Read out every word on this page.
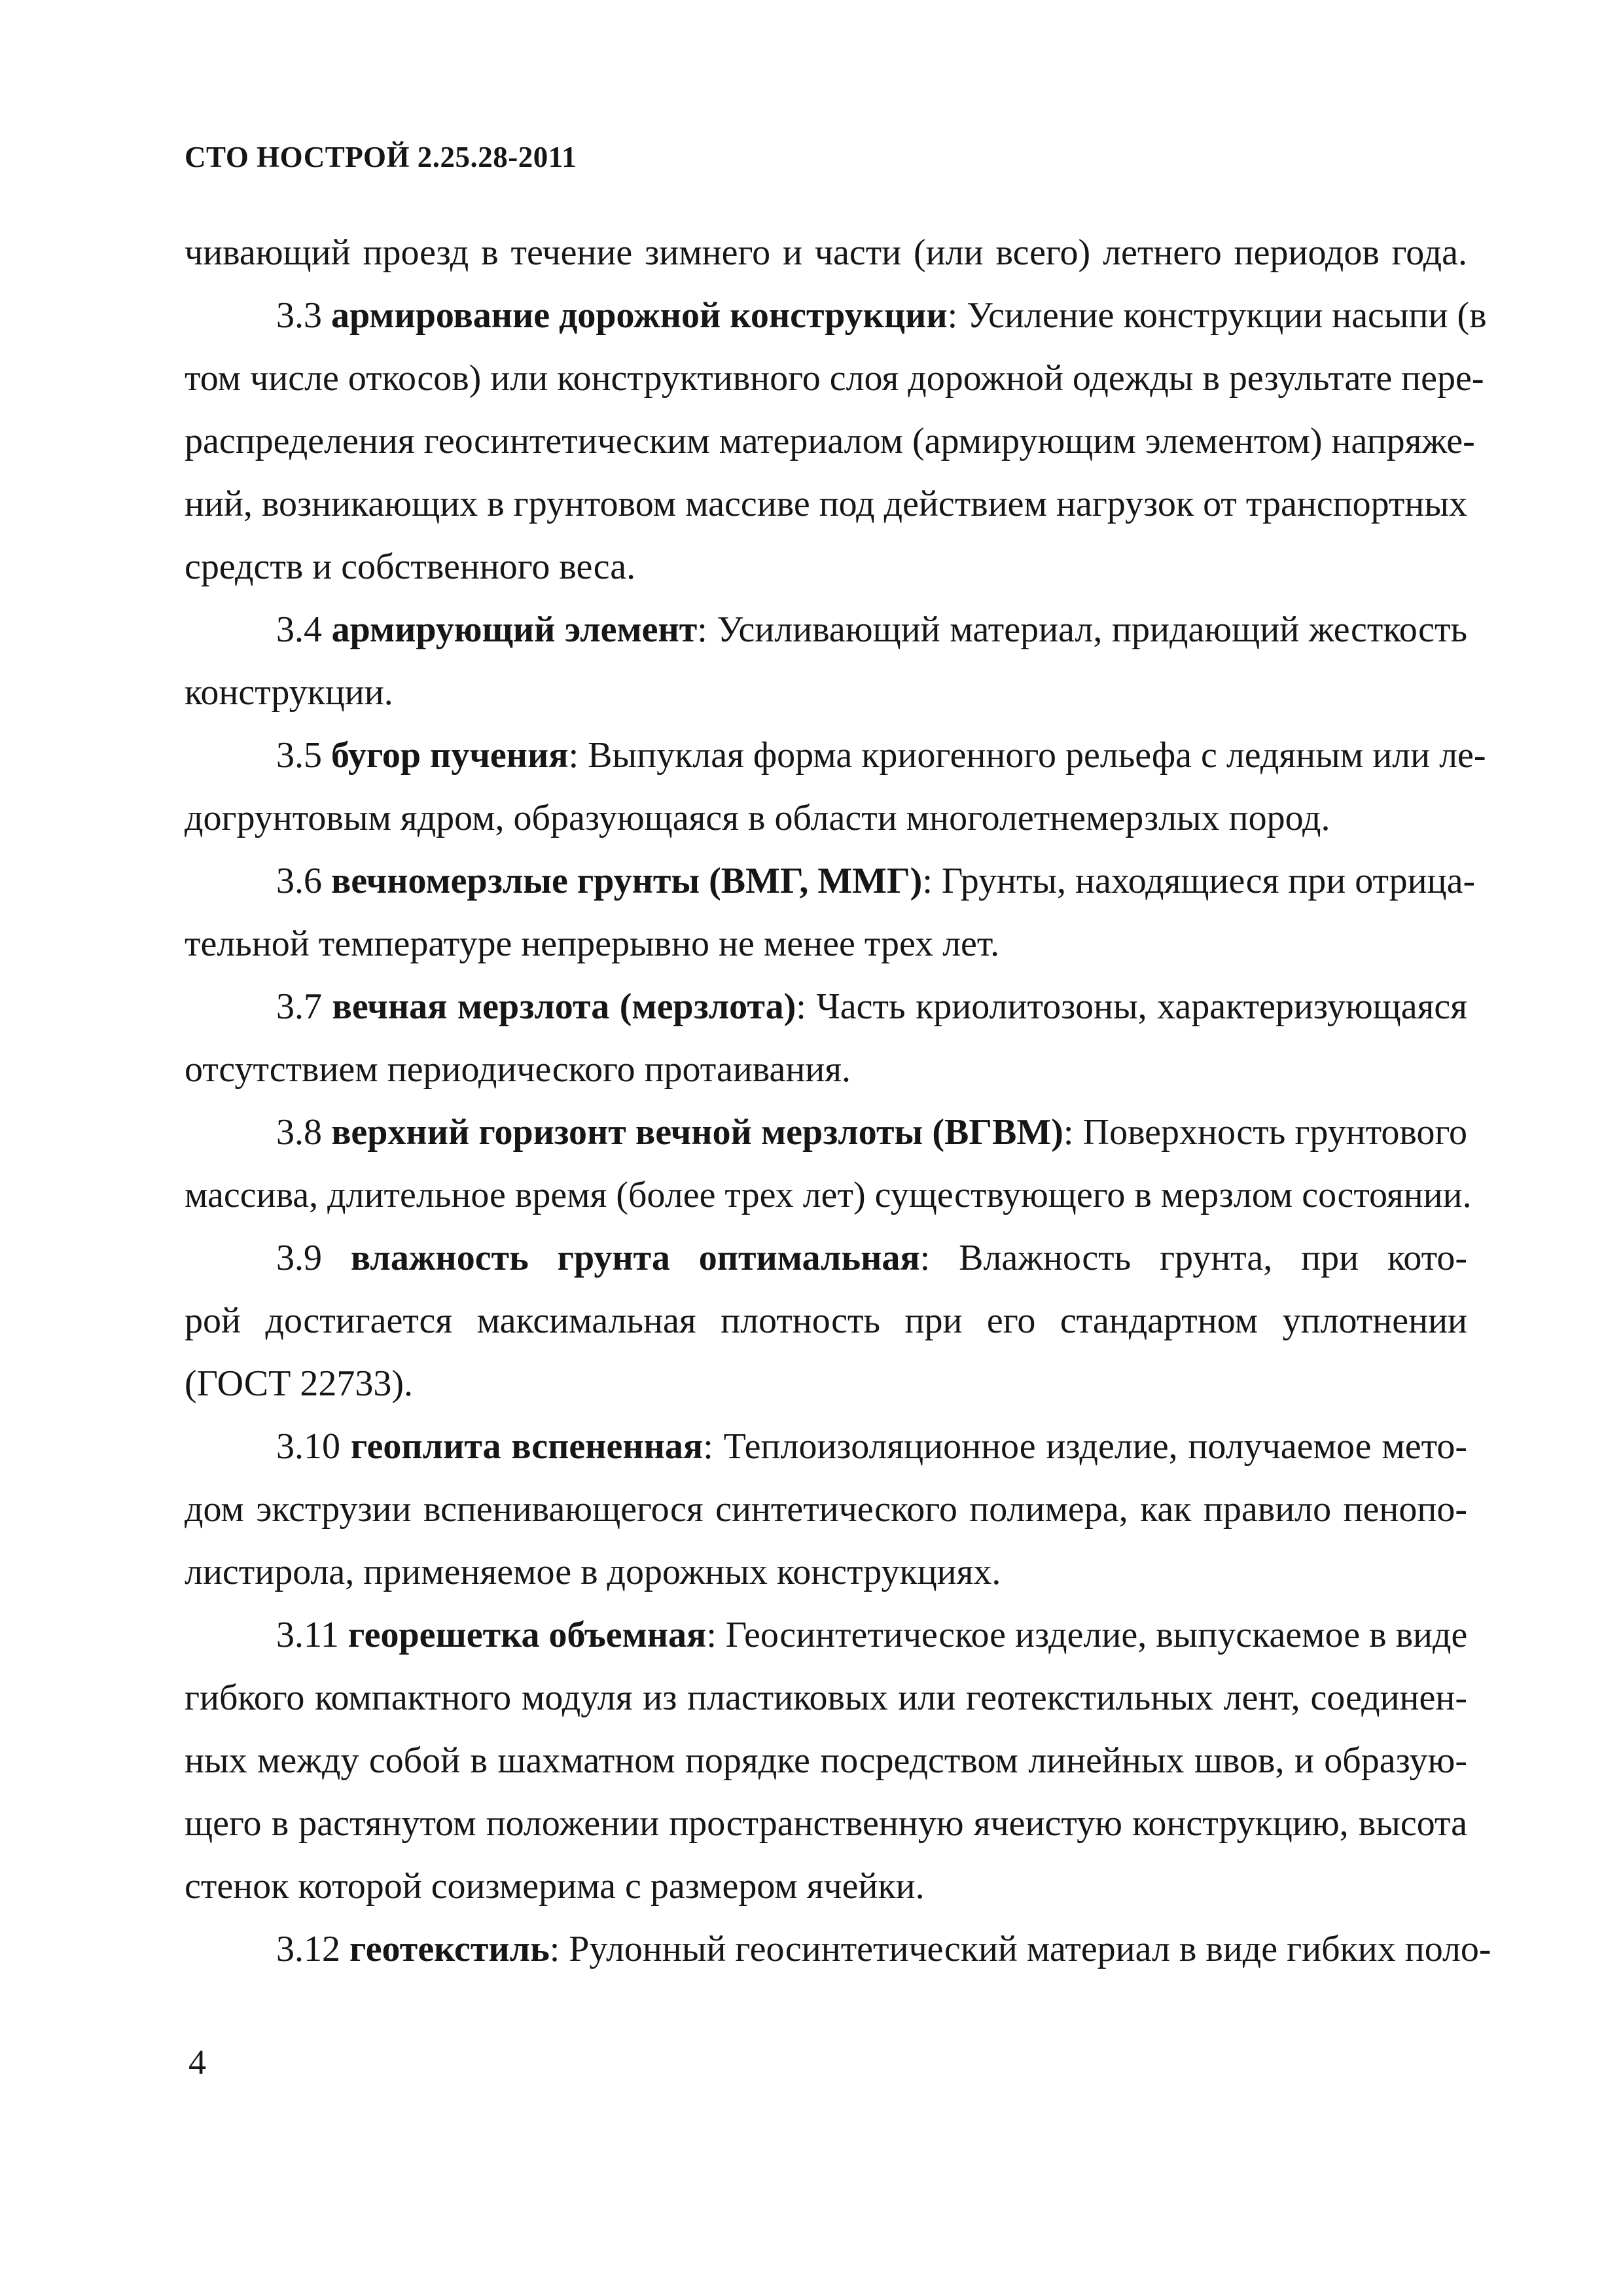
СТО НОСТРОЙ 2.25.28-2011
чивающий проезд в течение зимнего и части (или всего) летнего периодов года.
3.3 армирование дорожной конструкции: Усиление конструкции насыпи (в
том числе откосов) или конструктивного слоя дорожной одежды в результате пере-
распределения геосинтетическим материалом (армирующим элементом) напряже-
ний, возникающих в грунтовом массиве под действием нагрузок от транспортных
средств и собственного веса.
3.4 армирующий элемент: Усиливающий материал, придающий жесткость
конструкции.
3.5 бугор пучения: Выпуклая форма криогенного рельефа с ледяным или ле-
догрунтовым ядром, образующаяся в области многолетнемерзлых пород.
3.6 вечномерзлые грунты (ВМГ, ММГ): Грунты, находящиеся при отрица-
тельной температуре непрерывно не менее трех лет.
3.7 вечная мерзлота (мерзлота): Часть криолитозоны, характеризующаяся
отсутствием периодического протаивания.
3.8 верхний горизонт вечной мерзлоты (ВГВМ): Поверхность грунтового
массива, длительное время (более трех лет) существующего в мерзлом состоянии.
3.9 влажность грунта оптимальная: Влажность грунта, при кото-
рой достигается максимальная плотность при его стандартном уплотнении
(ГОСТ 22733).
3.10 геоплита вспененная: Теплоизоляционное изделие, получаемое мето-
дом экструзии вспенивающегося синтетического полимера, как правило пенопо-
листирола, применяемое в дорожных конструкциях.
3.11 георешетка объемная: Геосинтетическое изделие, выпускаемое в виде
гибкого компактного модуля из пластиковых или геотекстильных лент, соединен-
ных между собой в шахматном порядке посредством линейных швов, и образую-
щего в растянутом положении пространственную ячеистую конструкцию, высота
стенок которой соизмерима с размером ячейки.
3.12 геотекстиль: Рулонный геосинтетический материал в виде гибких поло-
4
